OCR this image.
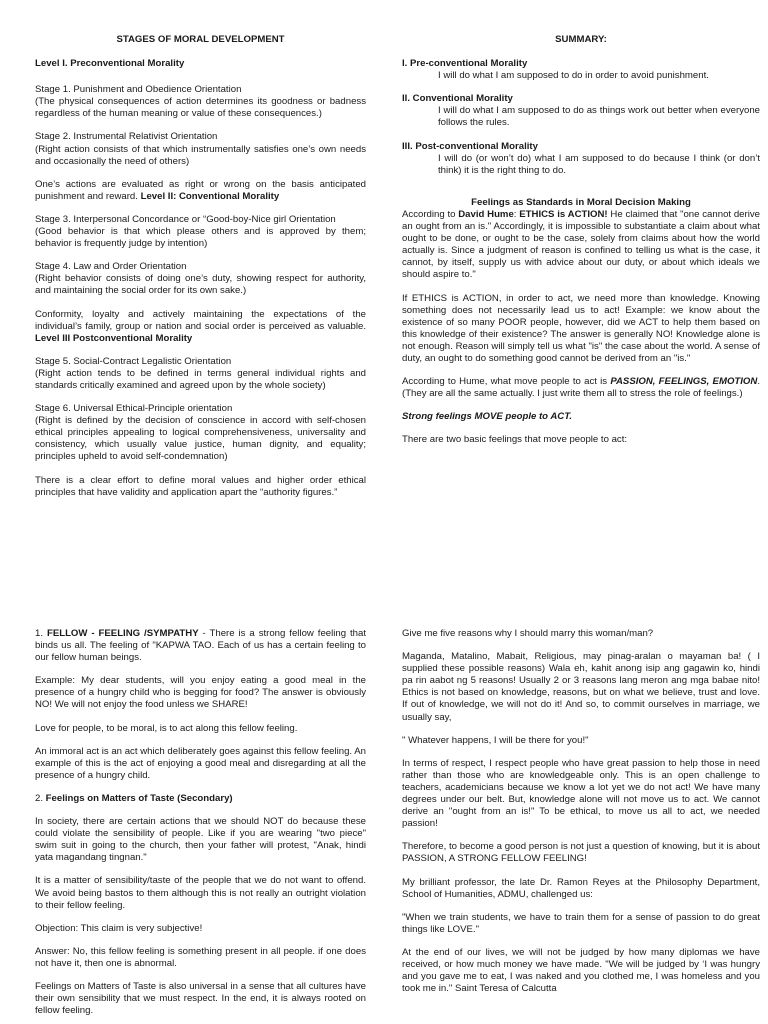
STAGES OF MORAL DEVELOPMENT

Level I. Preconventional Morality

Stage 1. Punishment and Obedience Orientation
(The physical consequences of action determines its goodness or badness regardless of the human meaning or value of these consequences.)

Stage 2. Instrumental Relativist Orientation
(Right action consists of that which instrumentally satisfies one’s own needs and occasionally the need of others)

One’s actions are evaluated as right or wrong on the basis anticipated punishment and reward. Level II: Conventional Morality

Stage 3. Interpersonal Concordance or “Good-boy-Nice girl Orientation
(Good behavior is that which please others and is approved by them; behavior is frequently judge by intention)

Stage 4. Law and Order Orientation
(Right behavior consists of doing one’s duty, showing respect for authority, and maintaining the social order for its own sake.)

Conformity, loyalty and actively maintaining the expectations of the individual’s family, group or nation and social order is perceived as valuable. Level III Postconventional Morality

Stage 5. Social-Contract Legalistic Orientation
(Right action tends to be defined in terms general individual rights and standards critically examined and agreed upon by the whole society)

Stage 6. Universal Ethical-Principle orientation
(Right is defined by the decision of conscience in accord with self-chosen ethical principles appealing to logical comprehensiveness, universality and consistency, which usually value justice, human dignity, and equality; principles upheld to avoid self-condemnation)

There is a clear effort to define moral values and higher order ethical principles that have validity and application apart the “authority figures.”

SUMMARY:

I. Pre-conventional Morality

I will do what I am supposed to do in order to avoid punishment.

II. Conventional Morality

I will do what I am supposed to do as things work out better when everyone follows the rules.

III. Post-conventional Morality

I will do (or won’t do) what I am supposed to do because I think (or don’t think) it is the right thing to do.

Feelings as Standards in Moral Decision Making

According to David Hume: ETHICS is ACTION! He claimed that "one cannot derive an ought from an is." Accordingly, it is impossible to substantiate a claim about what ought to be done, or ought to be the case, solely from claims about how the world actually is. Since a judgment of reason is confined to telling us what is the case, it cannot, by itself, supply us with advice about our duty, or about which ideals we should aspire to."

If ETHICS is ACTION, in order to act, we need more than knowledge. Knowing something does not necessarily lead us to act! Example: we know about the existence of so many POOR people, however, did we ACT to help them based on this knowledge of their existence? The answer is generally NO! Knowledge alone is not enough. Reason will simply tell us what "is" the case about the world. A sense of duty, an ought to do something good cannot be derived from an "is."

According to Hume, what move people to act is PASSION, FEELINGS, EMOTION. (They are all the same actually. I just write them all to stress the role of feelings.)

Strong feelings MOVE people to ACT.

There are two basic feelings that move people to act:

1. FELLOW - FEELING /SYMPATHY - There is a strong fellow feeling that binds us all. The feeling of "KAPWA TAO. Each of us has a certain feeling to our fellow human beings.

Example: My dear students, will you enjoy eating a good meal in the presence of a hungry child who is begging for food? The answer is obviously NO! We will not enjoy the food unless we SHARE!

Love for people, to be moral, is to act along this fellow feeling.

An immoral act is an act which deliberately goes against this fellow feeling. An example of this is the act of enjoying a good meal and disregarding at all the presence of a hungry child.

2. Feelings on Matters of Taste (Secondary)

In society, there are certain actions that we should NOT do because these could violate the sensibility of people. Like if you are wearing "two piece" swim suit in going to the church, then your father will protest, "Anak, hindi yata magandang tingnan."

It is a matter of sensibility/taste of the people that we do not want to offend. We avoid being bastos to them although this is not really an outright violation to their fellow feeling.

Objection: This claim is very subjective!

Answer: No, this fellow feeling is something present in all people. if one does not have it, then one is abnormal.

Feelings on Matters of Taste is also universal in a sense that all cultures have their own sensibility that we must respect. In the end, it is always rooted on fellow feeling.

Give me five reasons why I should marry this woman/man?

Maganda, Matalino, Mabait, Religious, may pinag-aralan o mayaman ba! ( I supplied these possible reasons) Wala eh, kahit anong isip ang gagawin ko, hindi pa rin aabot ng 5 reasons! Usually 2 or 3 reasons lang meron ang mga babae nito! Ethics is not based on knowledge, reasons, but on what we believe, trust and love. If out of knowledge, we will not do it! And so, to commit ourselves in marriage, we usually say,

" Whatever happens, I will be there for you!"

In terms of respect, I respect people who have great passion to help those in need rather than those who are knowledgeable only. This is an open challenge to teachers, academicians because we know a lot yet we do not act! We have many degrees under our belt. But, knowledge alone will not move us to act. We cannot derive an "ought from an is!" To be ethical, to move us all to act, we needed passion!

Therefore, to become a good person is not just a question of knowing, but it is about PASSION, A STRONG FELLOW FEELING!

My brilliant professor, the late Dr. Ramon Reyes at the Philosophy Department, School of Humanities, ADMU, challenged us:

"When we train students, we have to train them for a sense of passion to do great things like LOVE."

At the end of our lives, we will not be judged by how many diplomas we have received, or how much money we have made. "We will be judged by ‘I was hungry and you gave me to eat, I was naked and you clothed me, I was homeless and you took me in." Saint Teresa of Calcutta
